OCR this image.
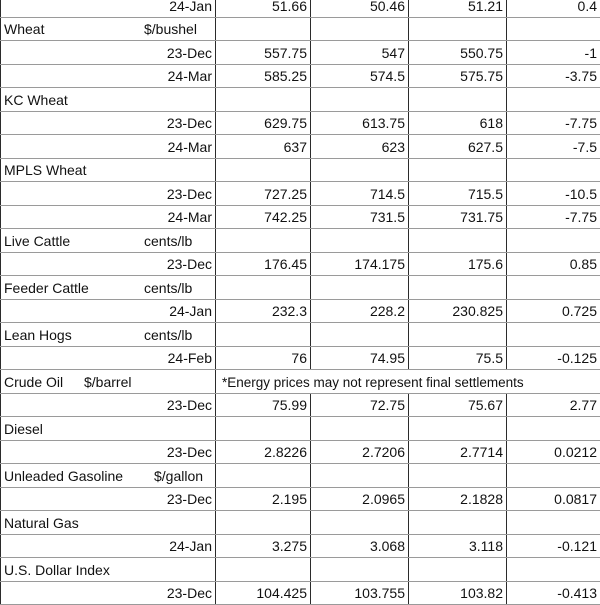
24-Jan	51.66	50.46	51.21	0.4

Wheat $/bushel				

23-Dec	557.75	547	550.75	-1
24-Mar	585.25	574.5	575.75	-3.75

KC Wheat				

23-Dec	629.75	613.75	618	-7.75
24-Mar	637	623	627.5	-7.5

MPLS Wheat				

23-Dec	727.25	714.5	715.5	-10.5
24-Mar	742.25	731.5	731.75	-7.75

Live Cattle cents/lb				

23-Dec	176.45	174.175	175.6	0.85

Feeder Cattle cents/lb				

24-Jan	232.3	228.2	230.825	0.725

Lean Hogs cents/lb				

24-Feb	76	74.95	75.5	-0.125

Crude Oil $/barrel	*Energy prices may not represent final settlements			
23-Dec	75.99	72.75	75.67	2.77

Diesel				

23-Dec	2.8226	2.7206	2.7714	0.0212

Unleaded Gasoline $/gallon				

23-Dec	2.195	2.0965	2.1828	0.0817

Natural Gas				

24-Jan	3.275	3.068	3.118	-0.121

U.S. Dollar Index				

23-Dec	104.425	103.755	103.82	-0.413
